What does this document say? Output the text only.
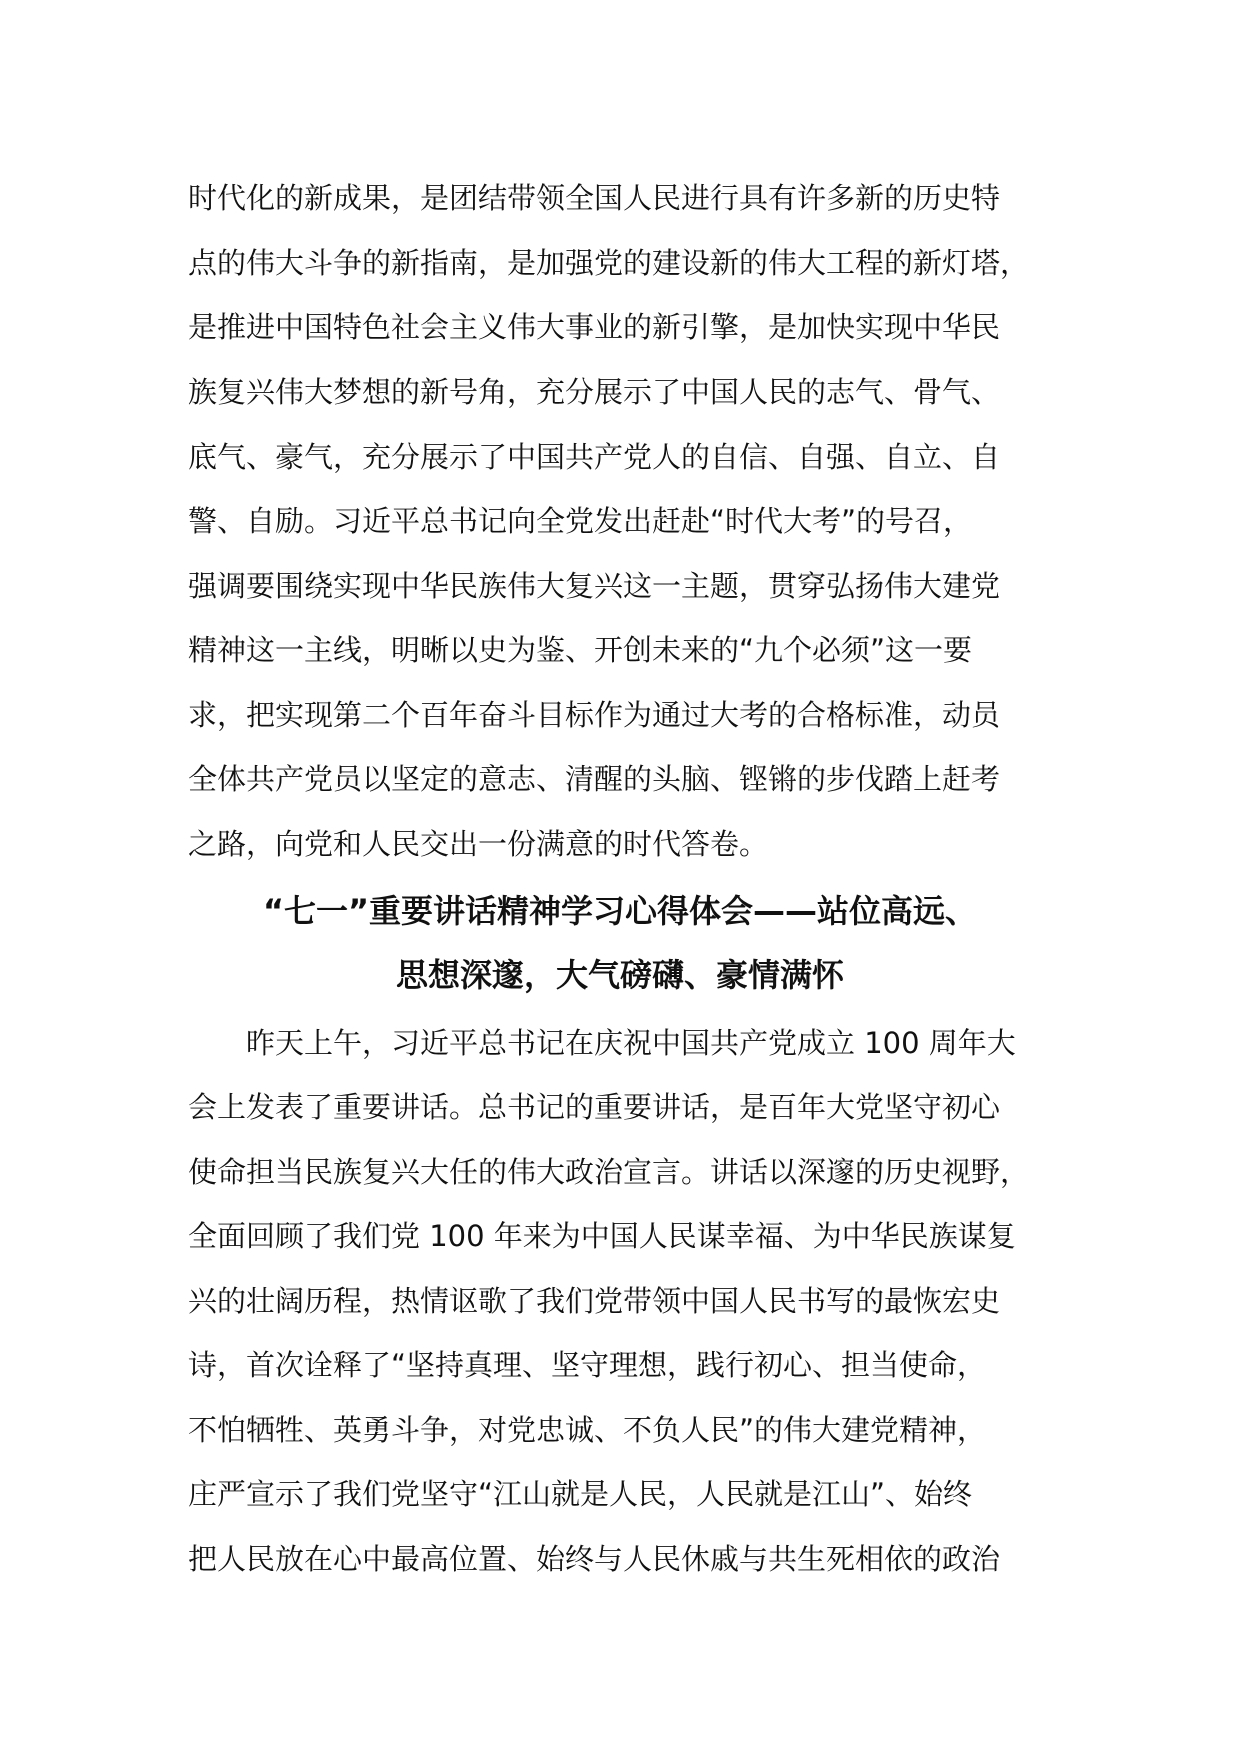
时代化的新成果，是团结带领全国人民进行具有许多新的历史特
点的伟大斗争的新指南，是加强党的建设新的伟大工程的新灯塔，
是推进中国特色社会主义伟大事业的新引擎，是加快实现中华民
族复兴伟大梦想的新号角，充分展示了中国人民的志气、骨气、
底气、豪气，充分展示了中国共产党人的自信、自强、自立、自
警、自励。习近平总书记向全党发出赶赴“时代大考”的号召，
强调要围绕实现中华民族伟大复兴这一主题，贯穿弘扬伟大建党
精神这一主线，明晰以史为鉴、开创未来的“九个必须”这一要
求，把实现第二个百年奋斗目标作为通过大考的合格标准，动员
全体共产党员以坚定的意志、清醒的头脑、铿锵的步伐踏上赶考
之路，向党和人民交出一份满意的时代答卷。
“七一”重要讲话精神学习心得体会——站位高远、
思想深邃，大气磅礴、豪情满怀
昨天上午，习近平总书记在庆祝中国共产党成立 100 周年大
会上发表了重要讲话。总书记的重要讲话，是百年大党坚守初心
使命担当民族复兴大任的伟大政治宣言。讲话以深邃的历史视野，
全面回顾了我们党 100 年来为中国人民谋幸福、为中华民族谋复
兴的壮阔历程，热情讴歌了我们党带领中国人民书写的最恢宏史
诗，首次诠释了“坚持真理、坚守理想，践行初心、担当使命，
不怕牺牲、英勇斗争，对党忠诚、不负人民”的伟大建党精神，
庄严宣示了我们党坚守“江山就是人民，人民就是江山”、始终
把人民放在心中最高位置、始终与人民休戚与共生死相依的政治
